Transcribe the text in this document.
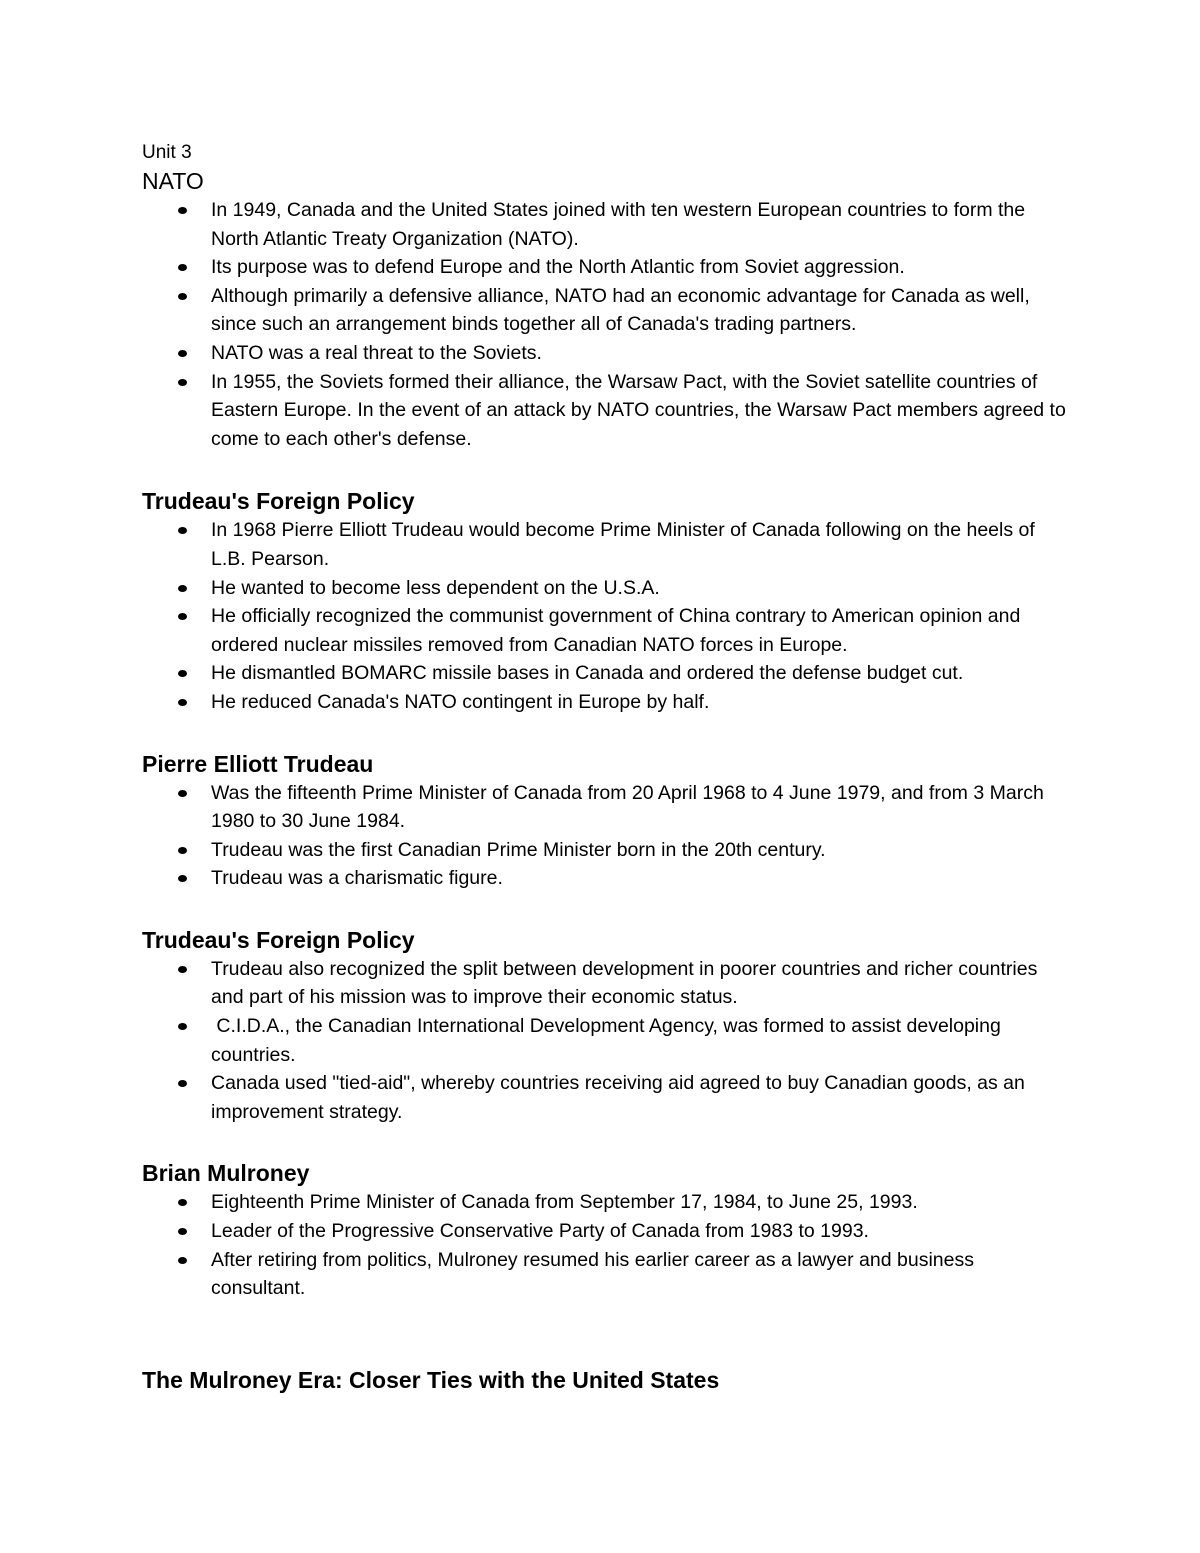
Unit 3

NATO
In 1949, Canada and the United States joined with ten western European countries to form the North Atlantic Treaty Organization (NATO).
Its purpose was to defend Europe and the North Atlantic from Soviet aggression.
Although primarily a defensive alliance, NATO had an economic advantage for Canada as well, since such an arrangement binds together all of Canada's trading partners.
NATO was a real threat to the Soviets.
In 1955, the Soviets formed their alliance, the Warsaw Pact, with the Soviet satellite countries of Eastern Europe. In the event of an attack by NATO countries, the Warsaw Pact members agreed to come to each other's defense.
Trudeau's Foreign Policy
In 1968 Pierre Elliott Trudeau would become Prime Minister of Canada following on the heels of L.B. Pearson.
He wanted to become less dependent on the U.S.A.
He officially recognized the communist government of China contrary to American opinion and ordered nuclear missiles removed from Canadian NATO forces in Europe.
He dismantled BOMARC missile bases in Canada and ordered the defense budget cut.
He reduced Canada's NATO contingent in Europe by half.
Pierre Elliott Trudeau
Was the fifteenth Prime Minister of Canada from 20 April 1968 to 4 June 1979, and from 3 March 1980 to 30 June 1984.
Trudeau was the first Canadian Prime Minister born in the 20th century.
Trudeau was a charismatic figure.
Trudeau's Foreign Policy
Trudeau also recognized the split between development in poorer countries and richer countries and part of his mission was to improve their economic status.
C.I.D.A., the Canadian International Development Agency, was formed to assist developing countries.
Canada used "tied-aid", whereby countries receiving aid agreed to buy Canadian goods, as an improvement strategy.
Brian Mulroney
Eighteenth Prime Minister of Canada from September 17, 1984, to June 25, 1993.
Leader of the Progressive Conservative Party of Canada from 1983 to 1993.
After retiring from politics, Mulroney resumed his earlier career as a lawyer and business consultant.
The Mulroney Era: Closer Ties with the United States
